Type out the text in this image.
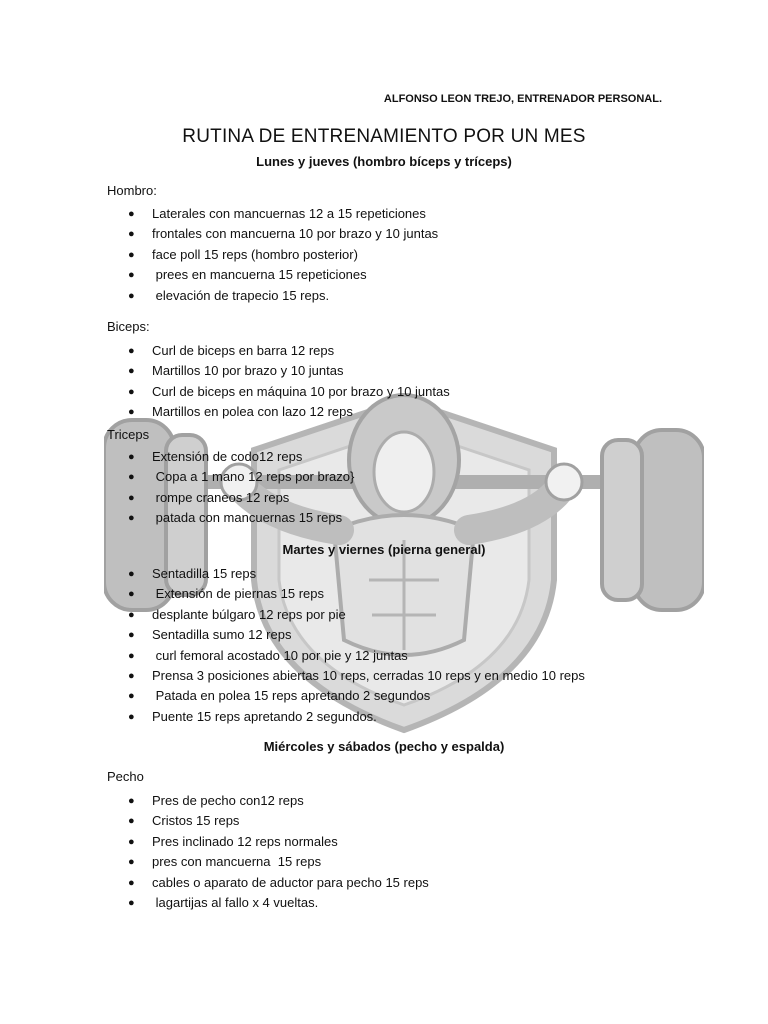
ALFONSO LEON TREJO, ENTRENADOR PERSONAL.
RUTINA DE ENTRENAMIENTO POR UN MES
Lunes y jueves (hombro bíceps y tríceps)
Hombro:
● Laterales con mancuernas 12 a 15 repeticiones
● frontales con mancuerna 10 por brazo y 10 juntas
● face poll 15 reps (hombro posterior)
● prees en mancuerna 15 repeticiones
● elevación de trapecio 15 reps.
Biceps:
● Curl de biceps en barra 12 reps
● Martillos 10 por brazo y 10 juntas
● Curl de biceps en máquina 10 por brazo y 10 juntas
● Martillos en polea con lazo 12 reps
Triceps
● Extensión de codo12 reps
● Copa a 1 mano 12 reps por brazo}
● rompe craneos 12 reps
● patada con mancuernas 15 reps
Martes y viernes (pierna general)
● Sentadilla 15 reps
● Extensión de piernas 15 reps
● desplante búlgaro 12 reps por pie
● Sentadilla sumo 12 reps
● curl femoral acostado 10 por pie y 12 juntas
● Prensa 3 posiciones abiertas 10 reps, cerradas 10 reps y en medio 10 reps
● Patada en polea 15 reps apretando 2 segundos
● Puente 15 reps apretando 2 segundos.
Miércoles y sábados (pecho y espalda)
Pecho
● Pres de pecho con12 reps
● Cristos 15 reps
● Pres inclinado 12 reps normales
● pres con mancuerna  15 reps
● cables o aparato de aductor para pecho 15 reps
● lagartijas al fallo x 4 vueltas.
